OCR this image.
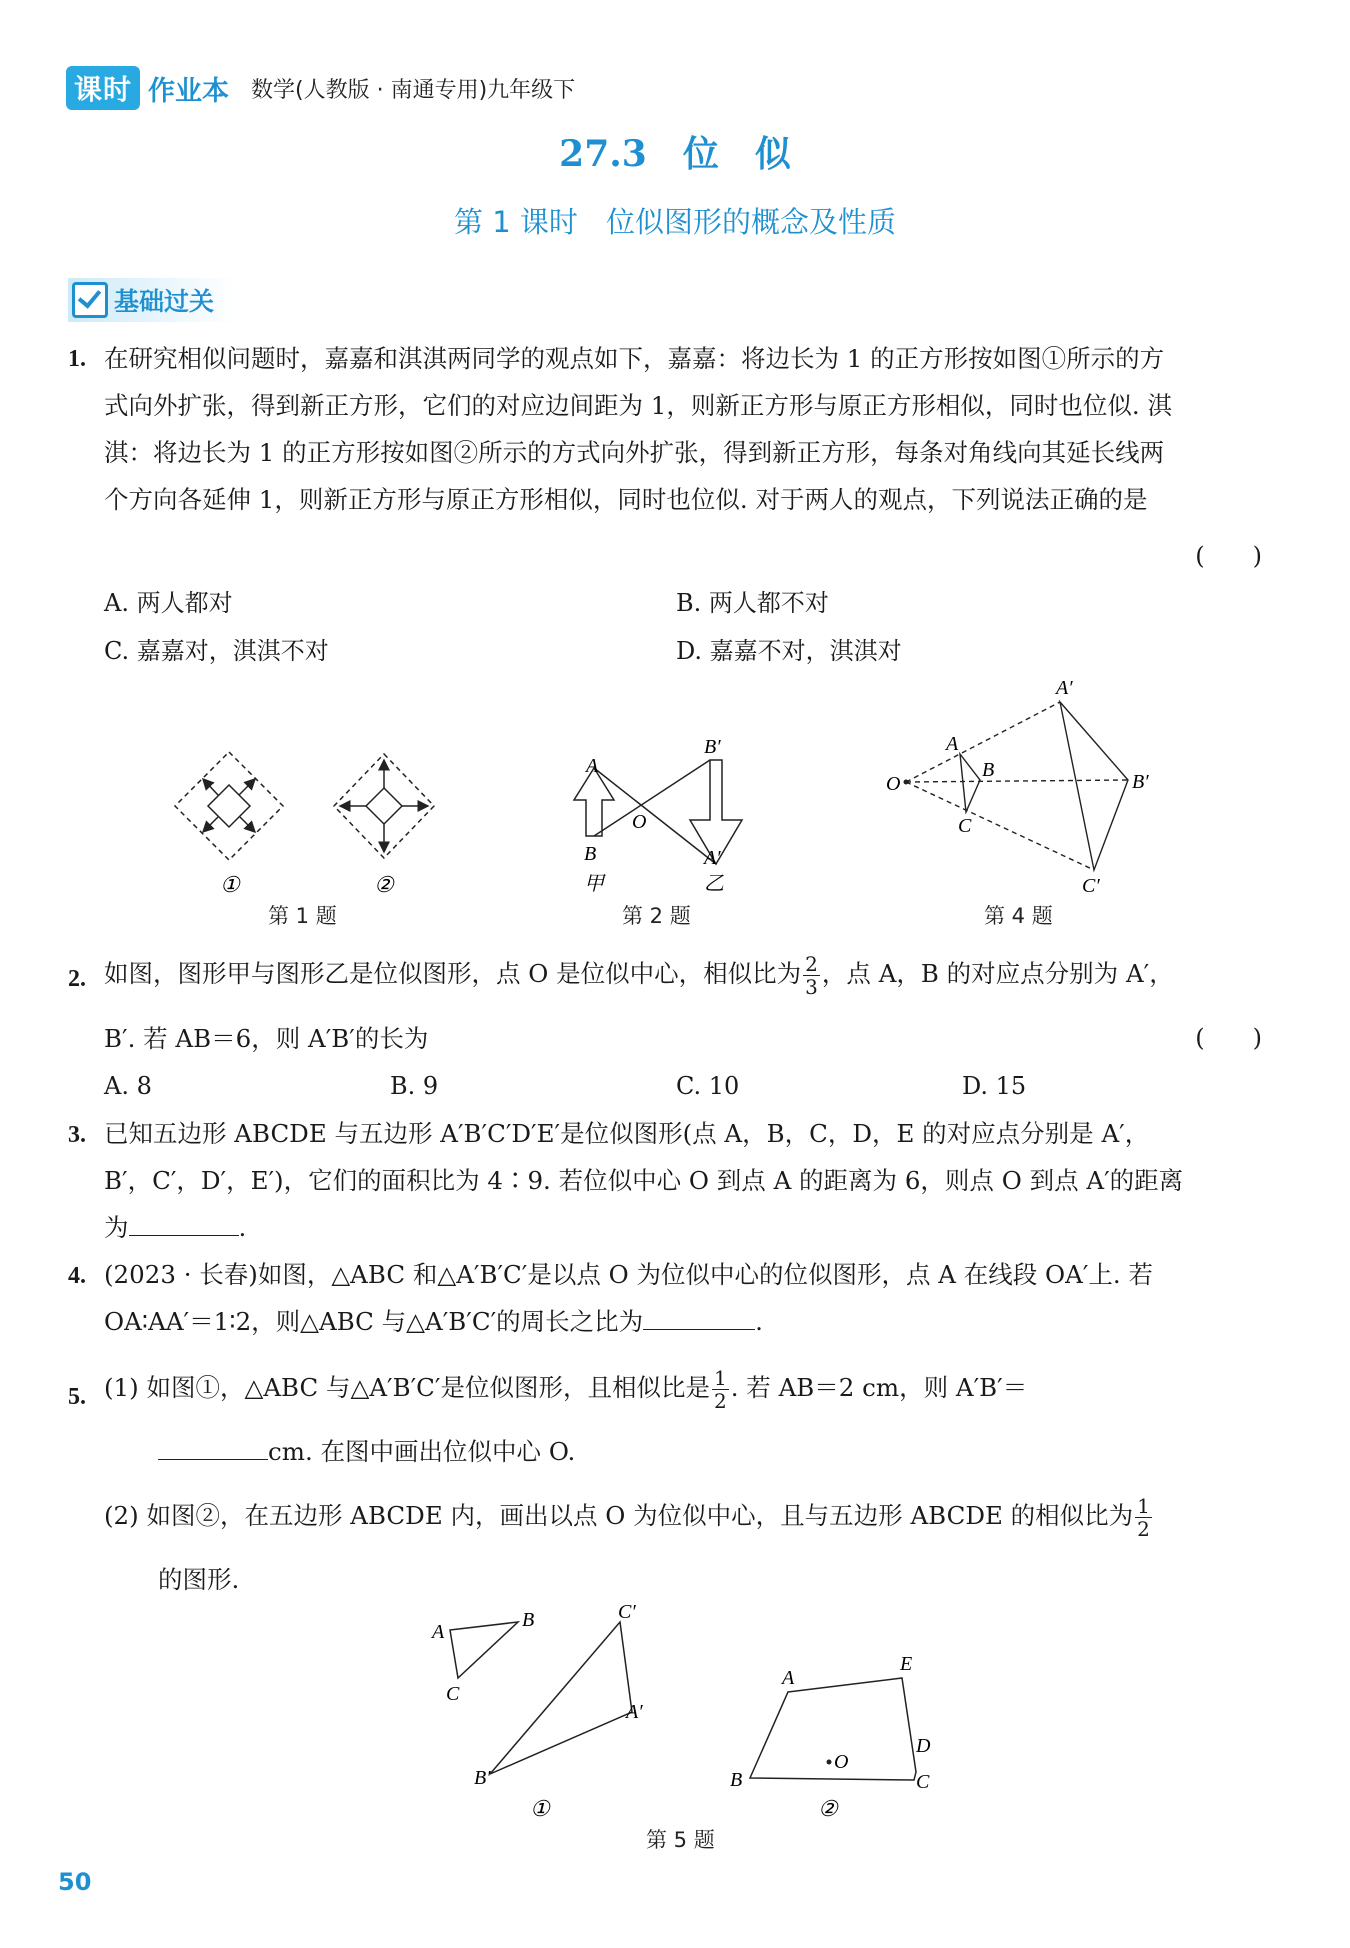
课时 作业本 数学(人教版 · 南通专用)九年级下
27.3　位　似
第 1 课时 位似图形的概念及性质
基础过关
1. 在研究相似问题时，嘉嘉和淇淇两同学的观点如下，嘉嘉：将边长为 1 的正方形按如图①所示的方
式向外扩张，得到新正方形，它们的对应边间距为 1，则新正方形与原正方形相似，同时也位似. 淇
淇：将边长为 1 的正方形按如图②所示的方式向外扩张，得到新正方形，每条对角线向其延长线两
个方向各延伸 1，则新正方形与原正方形相似，同时也位似. 对于两人的观点，下列说法正确的是
(　　)
A. 两人都对	B. 两人都不对
C. 嘉嘉对，淇淇不对	D. 嘉嘉不对，淇淇对
①	②
A
B
O
B′
A′
甲	乙
O
A
B
C
A′
B′
C′
第 1 题	第 2 题	第 4 题
2. 如图，图形甲与图形乙是位似图形，点 O 是位似中心，相似比为 $\frac{2}{3}$ ，点 A，B 的对应点分别为 A′，
B′. 若 AB＝6，则 A′B′的长为	(　　)
A. 8	B. 9	C. 10	D. 15
3. 已知五边形 ABCDE 与五边形 A′B′C′D′E′是位似图形(点 A，B，C，D，E 的对应点分别是 A′，
B′，C′，D′，E′)，它们的面积比为 4∶9. 若位似中心 O 到点 A 的距离为 6，则点 O 到点 A′的距离
为	.
4. (2023 · 长春)如图，△ABC 和△A′B′C′是以点 O 为位似中心的位似图形，点 A 在线段 OA′上. 若
OA∶AA′＝1∶2，则△ABC 与△A′B′C′的周长之比为	.
5. (1) 如图①，△ABC 与△A′B′C′是位似图形，且相似比是 $\frac{1}{2}$ . 若 AB＝2 cm，则 A′B′＝
cm. 在图中画出位似中心 O.
(2) 如图②，在五边形 ABCDE 内，画出以点 O 为位似中心，且与五边形 ABCDE 的相似比为 $\frac{1}{2}$
的图形.
A
B
C
C′
A′
B′
①
A
E
D
C
B
O
②
第 5 题
50
